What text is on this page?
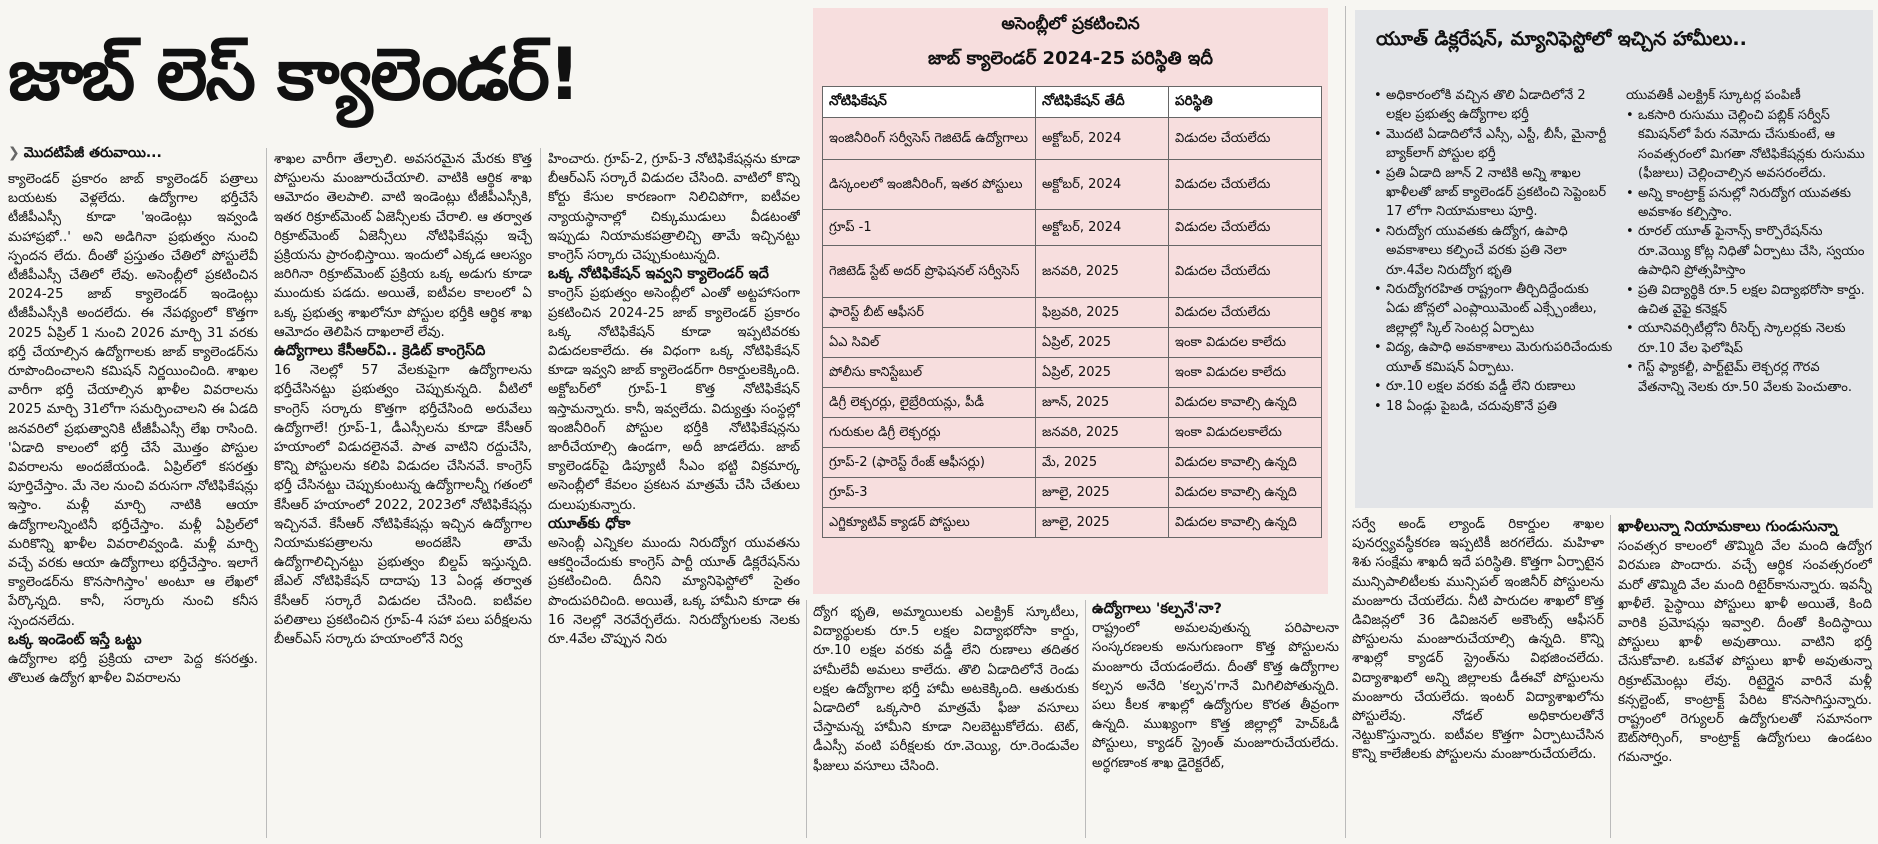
జాబ్ లెస్ క్యాలెండర్!
❯ మొదటిపేజీ తరువాయి...

క్యాలెండర్ ప్రకారం జాబ్ క్యాలెండర్ పత్రాలు బయటకు వెళ్లలేదు. ఉద్యోగాల భర్తీచేసే టీజీపీఎస్సీ కూడా 'ఇండెంట్లు ఇవ్వండి మహాప్రభో..' అని అడిగినా ప్రభుత్వం నుంచి స్పందన లేదు. దీంతో ప్రస్తుతం చేతిలో పోస్టులేవీ టీజీపీఎస్సీ చేతిలో లేవు. అసెంబ్లీలో ప్రకటించిన 2024-25 జాబ్ క్యాలెండర్ ఇండెంట్లు టీజీపీఎస్సీకి అందలేదు. ఈ నేపథ్యంలో కొత్తగా 2025 ఏప్రిల్ 1 నుంచి 2026 మార్చి 31 వరకు భర్తీ చేయాల్సిన ఉద్యోగాలకు జాబ్ క్యాలెండర్‌ను రూపొందించాలని కమిషన్ నిర్ణయించింది. శాఖల వారీగా భర్తీ చేయాల్సిన ఖాళీల వివరాలను 2025 మార్చి 31లోగా సమర్పించాలని ఈ ఏడది జనవరిలో ప్రభుత్వానికి టీజీపీఎస్సీ లేఖ రాసింది. 'ఏడాది కాలంలో భర్తీ చేసే మొత్తం పోస్టుల వివరాలను అందజేయండి. ఏప్రిల్‌లో కసరత్తు పూర్తిచేస్తాం. మే నెల నుంచి వరుసగా నోటిఫికేషన్లు ఇస్తాం. మళ్లీ మార్చి నాటికి ఆయా ఉద్యోగాలన్నింటినీ భర్తీచేస్తాం. మళ్లీ ఏప్రిల్‌లో మరికొన్ని ఖాళీల వివరాలివ్వండి. మళ్లీ మార్చి వచ్చే వరకు ఆయా ఉద్యోగాలు భర్తీచేస్తాం. ఇలాగే క్యాలెండర్‌ను కొనసాగిస్తాం' అంటూ ఆ లేఖలో పేర్కొన్నది. కానీ, సర్కారు నుంచి కనీస స్పందనలేదు.

ఒక్క ఇండెంట్ ఇస్తే ఒట్టు

ఉద్యోగాల భర్తీ ప్రక్రియ చాలా పెద్ద కసరత్తు. తొలుత ఉద్యోగ ఖాళీల వివరాలను

శాఖల వారీగా తేల్చాలి. అవసరమైన మేరకు కొత్త పోస్టులను మంజూరుచేయాలి. వాటికి ఆర్థిక శాఖ ఆమోదం తెలపాలి. వాటి ఇండెంట్లు టీజీపీఎస్సీకి, ఇతర రిక్రూట్‌మెంట్ ఏజెన్సీలకు చేరాలి. ఆ తర్వాత రిక్రూట్‌మెంట్ ఏజెన్సీలు నోటిఫికేషన్లు ఇచ్చే ప్రక్రియను ప్రారంభిస్తాయి. ఇందులో ఎక్కడ ఆలస్యం జరిగినా రిక్రూట్‌మెంట్ ప్రక్రియ ఒక్క అడుగు కూడా ముందుకు పడదు. అయితే, ఐటీవల కాలంలో ఏ ఒక్క ప్రభుత్వ శాఖలోనూ పోస్టుల భర్తీకి ఆర్థిక శాఖ ఆమోదం తెలిపిన దాఖలాలే లేవు.

ఉద్యోగాలు కేసీఆర్‌వి.. క్రెడిట్ కాంగ్రెస్‌ది

16 నెలల్లో 57 వేలకుపైగా ఉద్యోగాలను భర్తీచేసినట్టు ప్రభుత్వం చెప్పుకున్నది. వీటిలో కాంగ్రెస్ సర్కారు కొత్తగా భర్తీచేసింది అరువేలు ఉద్యోగాలే! గ్రూప్-1, డీఎస్సీలను కూడా కేసీఆర్ హయాంలో విడుదలైనవే. పాత వాటిని రద్దుచేసి, కొన్ని పోస్టులను కలిపి విడుదల చేసినవే. కాంగ్రెస్ భర్తీ చేసినట్టు చెప్పుకుంటున్న ఉద్యోగాలన్నీ గతంలో కేసీఆర్ హయాంలో 2022, 2023లో నోటిఫికేషన్లు ఇచ్చినవే. కేసీఆర్ నోటిఫికేషన్లు ఇచ్చిన ఉద్యోగాల నియామకపత్రాలను అందజేసి తామే ఉద్యోగాలిచ్చినట్టు ప్రభుత్వం బిల్డప్ ఇస్తున్నది. జేఎల్ నోటిఫికేషన్ దాదాపు 13 ఏండ్ల తర్వాత కేసీఆర్ సర్కారే విడుదల చేసింది. ఐటీవల పలితాలు ప్రకటించిన గ్రూప్-4 సహా పలు పరీక్షలను బీఆర్ఎస్ సర్కారు హయాంలోనే నిర్వ

హించారు. గ్రూప్-2, గ్రూప్-3 నోటిఫికేషన్లను కూడా బీఆర్ఎస్ సర్కారే విడుదల చేసింది. వాటిలో కొన్ని కోర్టు కేసుల కారణంగా నిలిచిపోగా, ఐటీవల న్యాయస్థానాల్లో చిక్కుముడులు వీడటంతో ఇప్పుడు నియామకపత్రాలిచ్చి తామే ఇచ్చినట్టు కాంగ్రెస్ సర్కారు చెప్పుకుంటున్నది.

ఒక్క నోటిఫికేషన్ ఇవ్వని క్యాలెండర్ ఇదే

కాంగ్రెస్ ప్రభుత్వం అసెంబ్లీలో ఎంతో అట్టహాసంగా ప్రకటించిన 2024-25 జాబ్ క్యాలెండర్ ప్రకారం ఒక్క నోటిఫికేషన్ కూడా ఇప్పటివరకు విడుదలకాలేదు. ఈ విధంగా ఒక్క నోటిఫికేషన్ కూడా ఇవ్వని జాబ్ క్యాలెండర్‌గా రికార్డులకెక్కింది. అక్టోబర్‌లో గ్రూప్-1 కొత్త నోటిఫికేషన్ ఇస్తామన్నారు. కానీ, ఇవ్వలేదు. విద్యుత్తు సంస్థల్లో ఇంజినీరింగ్ పోస్టుల భర్తీకి నోటిఫికేషన్లను జారీచేయాల్సి ఉండగా, అదీ జాడలేదు. జాబ్ క్యాలెండర్‌పై డిప్యూటీ సీఎం భట్టి విక్రమార్క అసెంబ్లీలో కేవలం ప్రకటన మాత్రమే చేసి చేతులు దులుపుకున్నారు.

యూత్‌కు ధోకా

అసెంబ్లీ ఎన్నికల ముందు నిరుద్యోగ యువతను ఆకర్షించేందుకు కాంగ్రెస్ పార్టీ యూత్ డిక్లరేషన్‌ను ప్రకటించింది. దీనిని మ్యానిఫెస్టోలో సైతం పొందుపరిచింది. అయితే, ఒక్క హామీని కూడా ఈ 16 నెలల్లో నెరవేర్చలేదు. నిరుద్యోగులకు నెలకు రూ.4వేల చొప్పున నిరు

అసెంబ్లీలో ప్రకటించిన
జాబ్ క్యాలెండర్ 2024-25 పరిస్థితి ఇదీ
నోటిఫికేషన్	నోటిఫికేషన్ తేదీ	పరిస్థితి
ఇంజినీరింగ్ సర్వీసెస్ గెజిటెడ్ ఉద్యోగాలు	అక్టోబర్, 2024	విడుదల చేయలేదు
డిస్కంలలో ఇంజినీరింగ్, ఇతర పోస్టులు	అక్టోబర్, 2024	విడుదల చేయలేదు
గ్రూప్ -1	అక్టోబర్, 2024	విడుదల చేయలేదు
గెజిటెడ్ స్టేట్ అదర్ ప్రొఫెషనల్ సర్వీసెస్	జనవరి, 2025	విడుదల చేయలేదు
ఫారెస్ట్ బీట్ ఆఫీసర్	ఫిబ్రవరి, 2025	విడుదల చేయలేదు
ఏఎ సివిల్	ఏప్రిల్, 2025	ఇంకా విడుదల కాలేదు
పోలీసు కానిస్టేబుల్	ఏప్రిల్, 2025	ఇంకా విడుదల కాలేదు
డిగ్రీ లెక్చరర్లు, లైబ్రేరియన్లు, పీడీ	జూన్, 2025	విడుదల కావాల్సి ఉన్నది
గురుకుల డిగ్రీ లెక్చరర్లు	జనవరి, 2025	ఇంకా విడుదలకాలేదు
గ్రూప్-2 (ఫారెస్ట్ రేంజ్ ఆఫీసర్లు)	మే, 2025	విడుదల కావాల్సి ఉన్నది
గ్రూప్-3	జూలై, 2025	విడుదల కావాల్సి ఉన్నది
ఎగ్జిక్యూటివ్ క్యాడర్ పోస్టులు	జూలై, 2025	విడుదల కావాల్సి ఉన్నది

ద్యోగ భృతి, అమ్మాయిలకు ఎలక్ట్రిక్ స్కూటీలు, విద్యార్థులకు రూ.5 లక్షల విద్యాభరోసా కార్డు, రూ.10 లక్షల వరకు వడ్డీ లేని రుణాలు తదితర హామీలేవీ అమలు కాలేదు. తొలి ఏడాదిలోనే రెండు లక్షల ఉద్యోగాల భర్తీ హామీ అటకెక్కింది. ఆతురుకు ఏడాదిలో ఒక్కసారి మాత్రమే ఫీజు వసూలు చేస్తామన్న హామీని కూడా నిలబెట్టుకోలేదు. టెట్, డీఎస్సీ వంటి పరీక్షలకు రూ.వెయ్యి, రూ.రెండువేల ఫీజులు వసూలు చేసింది.

ఉద్యోగాలు 'కల్పనే'నా?

రాష్ట్రంలో అమలవుతున్న పరిపాలనా సంస్కరణలకు అనుగుణంగా కొత్త పోస్టులను మంజూరు చేయడంలేదు. దీంతో కొత్త ఉద్యోగాల కల్పన అనేది 'కల్పన'గానే మిగిలిపోతున్నది. పలు కీలక శాఖల్లో ఉద్యోగుల కొరత తీవ్రంగా ఉన్నది. ముఖ్యంగా కొత్త జిల్లాల్లో హెచ్‌ఓడీ పోస్టులు, క్యాడర్ స్ట్రెంత్ మంజూరుచేయలేదు. అర్థగణాంక శాఖ డైరెక్టరేట్,

యూత్ డిక్లరేషన్, మ్యానిఫెస్టోలో ఇచ్చిన హామీలు..
• అధికారంలోకి వచ్చిన తొలి ఏడాదిలోనే 2 లక్షల ప్రభుత్వ ఉద్యోగాల భర్తీ
• మొదటి ఏడాదిలోనే ఎస్సీ, ఎస్టీ, బీసీ, మైనార్టీ బ్యాక్‌లాగ్ పోస్టుల భర్తీ
• ప్రతి ఏడాది జూన్ 2 నాటికి అన్ని శాఖల ఖాళీలతో జాబ్ క్యాలెండర్ ప్రకటించి సెప్టెంబర్ 17 లోగా నియామకాలు పూర్తి.
• నిరుద్యోగ యువతకు ఉద్యోగ, ఉపాధి అవకాశాలు కల్పించే వరకు ప్రతి నెలా రూ.4వేల నిరుద్యోగ భృతి
• నిరుద్యోగరహిత రాష్ట్రంగా తీర్చిదిద్దేందుకు ఏడు జోన్లలో ఎంప్లాయిమెంట్ ఎక్స్చేంజీలు, జిల్లాల్లో స్కిల్ సెంటర్ల ఏర్పాటు
• విద్య, ఉపాధి అవకాశాలు మెరుగుపరిచేందుకు యూత్ కమిషన్ ఏర్పాటు.
• రూ.10 లక్షల వరకు వడ్డీ లేని రుణాలు
• 18 ఏండ్లు పైబడి, చదువుకొనే ప్రతి
యువతికీ ఎలక్ట్రిక్ స్కూటర్ల పంపిణీ
• ఒకసారి రుసుము చెల్లించి పబ్లిక్ సర్వీస్ కమిషన్‌లో పేరు నమోదు చేసుకుంటే, ఆ సంవత్సరంలో మిగతా నోటిఫికేషన్లకు రుసుము (ఫీజులు) చెల్లించాల్సిన అవసరంలేదు.
• అన్ని కాంట్రాక్ట్ పనుల్లో నిరుద్యోగ యువతకు అవకాశం కల్పిస్తాం.
• రూరల్ యూత్ ఫైనాన్స్ కార్పొరేషన్‌ను రూ.వెయ్యి కోట్ల నిధితో ఏర్పాటు చేసి, స్వయం ఉపాధిని ప్రోత్సహిస్తాం
• ప్రతి విద్యార్థికి రూ.5 లక్షల విద్యాభరోసా కార్డు. ఉచిత వైఫై కనెక్షన్
• యూనివర్సిటీల్లోని రీసెర్చ్ స్కాలర్లకు నెలకు రూ.10 వేల ఫెలోషిప్
• గెస్ట్ ఫ్యాకల్టీ, పార్ట్‌టైమ్ లెక్చరర్ల గౌరవ వేతనాన్ని నెలకు రూ.50 వేలకు పెంచుతాం.

సర్వే అండ్ ల్యాండ్ రికార్డుల శాఖల పునర్వ్యవస్థీకరణ ఇప్పటికీ జరగలేదు. మహిళా శిశు సంక్షేమ శాఖదీ ఇదే పరిస్థితి. కొత్తగా ఏర్పాటైన మున్సిపాలిటీలకు మున్సిపల్ ఇంజినీర్ పోస్టులను మంజూరు చేయలేదు. నీటి పారుదల శాఖలో కొత్త డివిజన్లలో 36 డివిజనల్ అకౌంట్స్ ఆఫీసర్ పోస్టులను మంజూరుచేయాల్సి ఉన్నది. కొన్ని శాఖల్లో క్యాడర్ స్ట్రెంత్‌ను విభజించలేదు. విద్యాశాఖలో అన్ని జిల్లాలకు డీఈవో పోస్టులను మంజూరు చేయలేదు. ఇంటర్ విద్యాశాఖలోను పోస్టులేవు. నోడల్ అధికారులతోనే నెట్టుకొస్తున్నారు. ఐటీవల కొత్తగా ఏర్పాటుచేసిన కొన్ని కాలేజీలకు పోస్టులను మంజూరుచేయలేదు.

ఖాళీలున్నా నియామకాలు గుండుసున్నా

సంవత్సర కాలంలో తొమ్మిది వేల మంది ఉద్యోగ విరమణ పొందారు. వచ్చే ఆర్థిక సంవత్సరంలో మరో తొమ్మిది వేల మంది రిటైర్‌కానున్నారు. ఇవన్నీ ఖాళీలే. పైస్థాయి పోస్టులు ఖాళీ అయితే, కింది వారికి ప్రమోషన్లు ఇవ్వాలి. దీంతో కిందిస్థాయి పోస్టులు ఖాళీ అవుతాయి. వాటిని భర్తీ చేసుకోవాలి. ఒకవేళ పోస్టులు ఖాళీ అవుతున్నా రిక్రూట్‌మెంట్లు లేవు. రిటైర్డైన వారినే మళ్లీ కన్సల్టెంట్, కాంట్రాక్ట్ పేరిట కొనసాగిస్తున్నారు. రాష్ట్రంలో రెగ్యులర్ ఉద్యోగులతో సమానంగా ఔట్‌సోర్సింగ్, కాంట్రాక్ట్ ఉద్యోగులు ఉండటం గమనార్హం.
